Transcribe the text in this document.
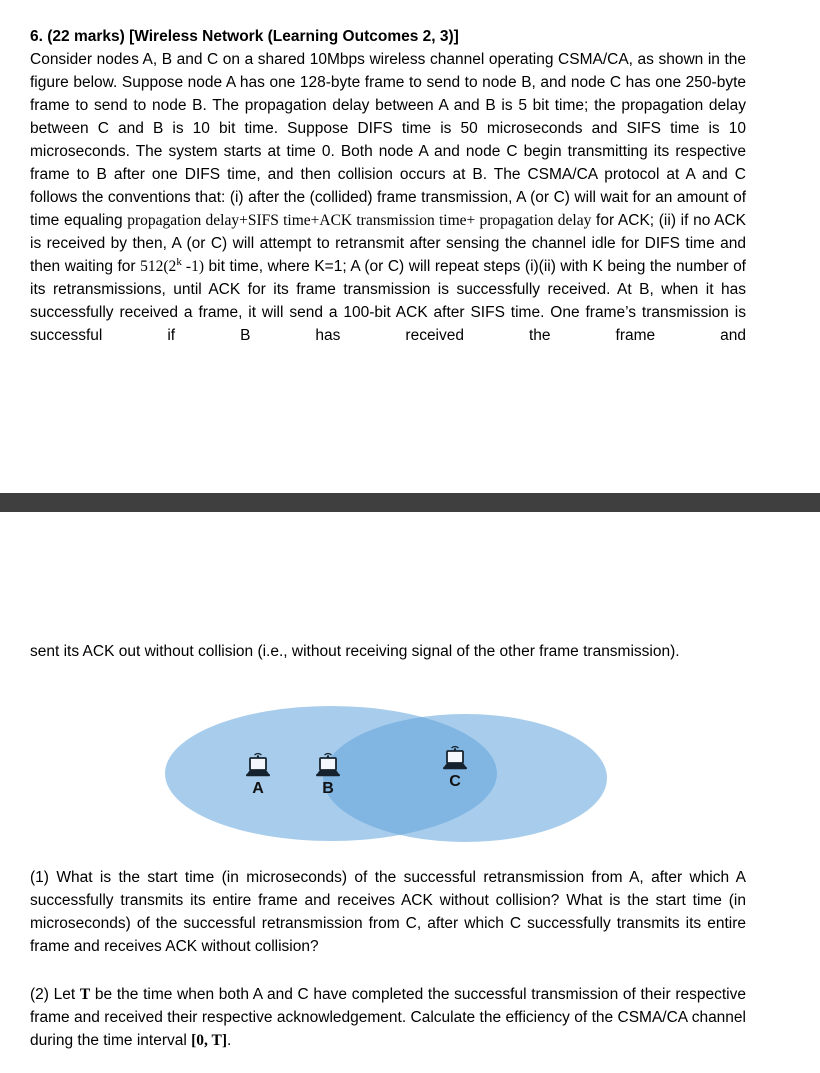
6. (22 marks) [Wireless Network (Learning Outcomes 2, 3)]

Consider nodes A, B and C on a shared 10Mbps wireless channel operating CSMA/CA, as shown in the figure below. Suppose node A has one 128-byte frame to send to node B, and node C has one 250-byte frame to send to node B. The propagation delay between A and B is 5 bit time; the propagation delay between C and B is 10 bit time. Suppose DIFS time is 50 microseconds and SIFS time is 10 microseconds. The system starts at time 0. Both node A and node C begin transmitting its respective frame to B after one DIFS time, and then collision occurs at B. The CSMA/CA protocol at A and C follows the conventions that: (i) after the (collided) frame transmission, A (or C) will wait for an amount of time equaling propagation delay+SIFS time+ACK transmission time+ propagation delay for ACK; (ii) if no ACK is received by then, A (or C) will attempt to retransmit after sensing the channel idle for DIFS time and then waiting for 512(2$^k$ -1) bit time, where K=1; A (or C) will repeat steps (i)(ii) with K being the number of its retransmissions, until ACK for its frame transmission is successfully received. At B, when it has successfully received a frame, it will send a 100-bit ACK after SIFS time. One frame’s transmission is successful if B has received the frame and

sent its ACK out without collision (i.e., without receiving signal of the other frame transmission).

A	B	C

(1) What is the start time (in microseconds) of the successful retransmission from A, after which A successfully transmits its entire frame and receives ACK without collision? What is the start time (in microseconds) of the successful retransmission from C, after which C successfully transmits its entire frame and receives ACK without collision?

(2) Let T be the time when both A and C have completed the successful transmission of their respective frame and received their respective acknowledgement. Calculate the efficiency of the CSMA/CA channel during the time interval [0, T].
